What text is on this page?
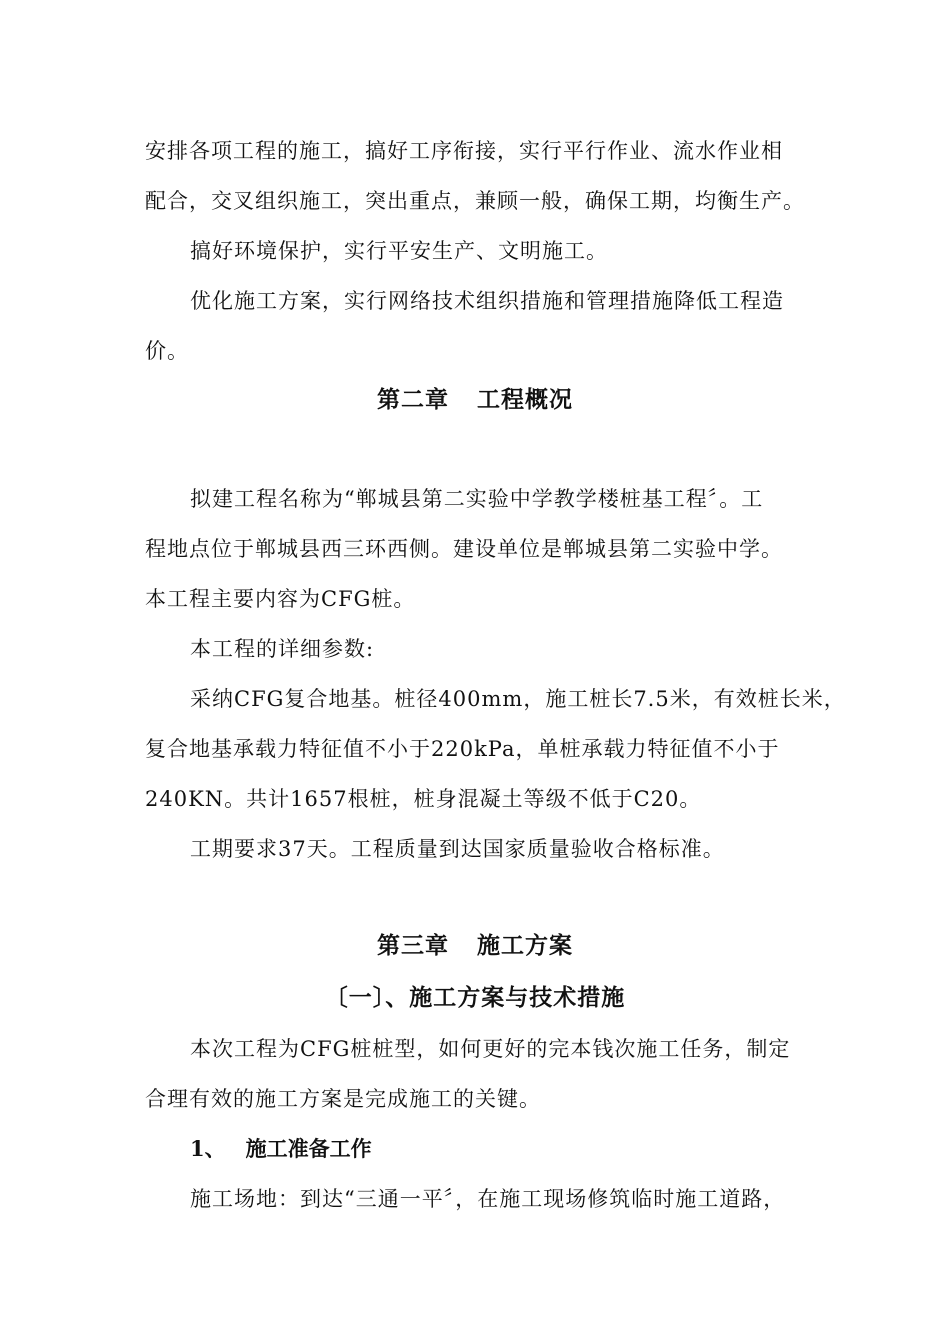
安排各项工程的施工，搞好工序衔接，实行平行作业、流水作业相
配合，交叉组织施工，突出重点，兼顾一般，确保工期，均衡生产。
搞好环境保护，实行平安生产、文明施工。
优化施工方案，实行网络技术组织措施和管理措施降低工程造
价。
第二章 工程概况
拟建工程名称为“郸城县第二实验中学教学楼桩基工程〞。工
程地点位于郸城县西三环西侧。建设单位是郸城县第二实验中学。
本工程主要内容为CFG桩。
本工程的详细参数:
采纳CFG复合地基。桩径400mm，施工桩长7.5米，有效桩长米，
复合地基承载力特征值不小于220kPa，单桩承载力特征值不小于
240KN。共计1657根桩，桩身混凝土等级不低于C20。
工期要求37天。工程质量到达国家质量验收合格标准。
第三章 施工方案
〔一〕、施工方案与技术措施
本次工程为CFG桩桩型，如何更好的完本钱次施工任务，制定
合理有效的施工方案是完成施工的关键。
1、 施工准备工作
施工场地：到达“三通一平〞，在施工现场修筑临时施工道路，
